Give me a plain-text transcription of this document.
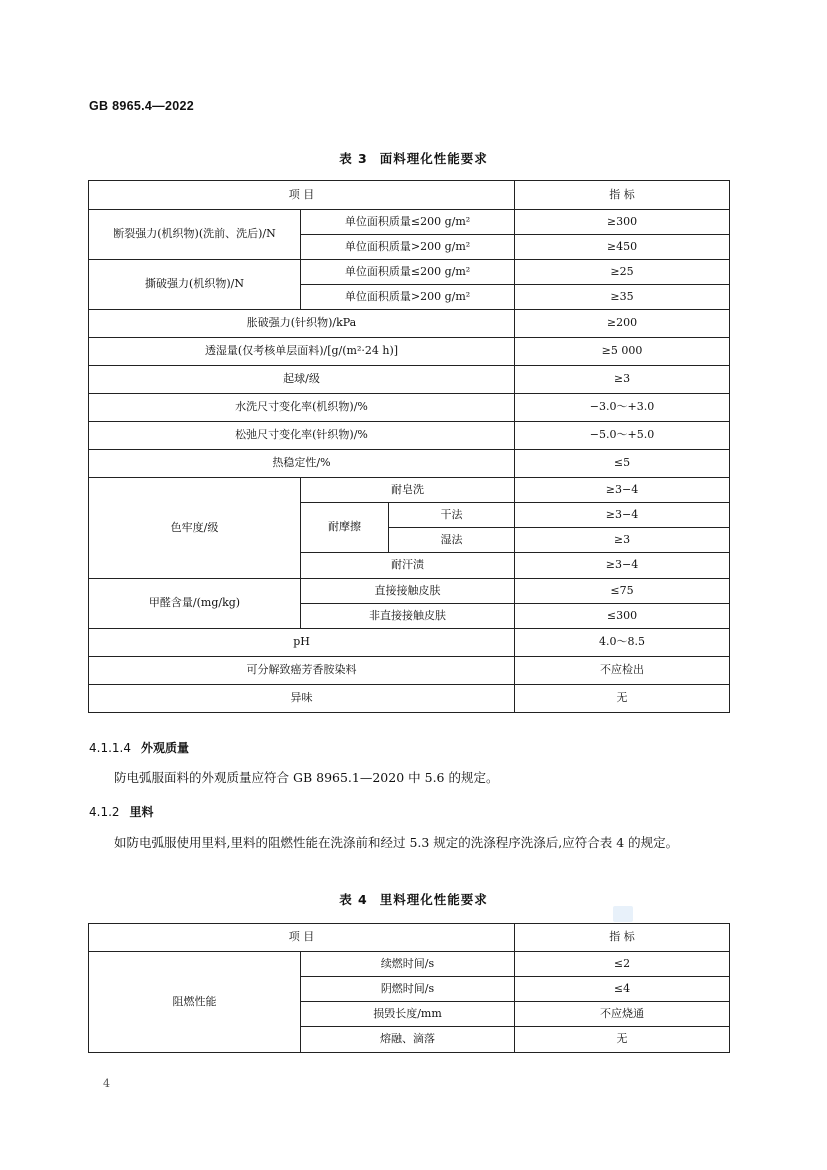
GB 8965.4—2022
表 3 面料理化性能要求
项 目			指 标
断裂强力(机织物)(洗前、洗后)/N	单位面积质量≤200 g/m²		≥300
	单位面积质量>200 g/m²		≥450
撕破强力(机织物)/N	单位面积质量≤200 g/m²		≥25
	单位面积质量>200 g/m²		≥35
胀破强力(针织物)/kPa			≥200
透湿量(仅考核单层面料)/[g/(m²·24 h)]			≥5 000
起球/级			≥3
水洗尺寸变化率(机织物)/%			−3.0～+3.0
松弛尺寸变化率(针织物)/%			−5.0～+5.0
热稳定性/%			≤5
色牢度/级	耐皂洗		≥3−4
	耐摩擦	干法	≥3−4
		湿法	≥3
	耐汗渍		≥3−4
甲醛含量/(mg/kg)	直接接触皮肤		≤75
	非直接接触皮肤		≤300
pH			4.0～8.5
可分解致癌芳香胺染料			不应检出
异味			无
4.1.1.4 外观质量
防电弧服面料的外观质量应符合 GB 8965.1—2020 中 5.6 的规定。
4.1.2 里料
如防电弧服使用里料,里料的阻燃性能在洗涤前和经过 5.3 规定的洗涤程序洗涤后,应符合表 4 的规定。
表 4 里料理化性能要求
项 目		指 标
阻燃性能	续燃时间/s	≤2
	阴燃时间/s	≤4
	损毁长度/mm	不应烧通
	熔融、滴落	无
4
